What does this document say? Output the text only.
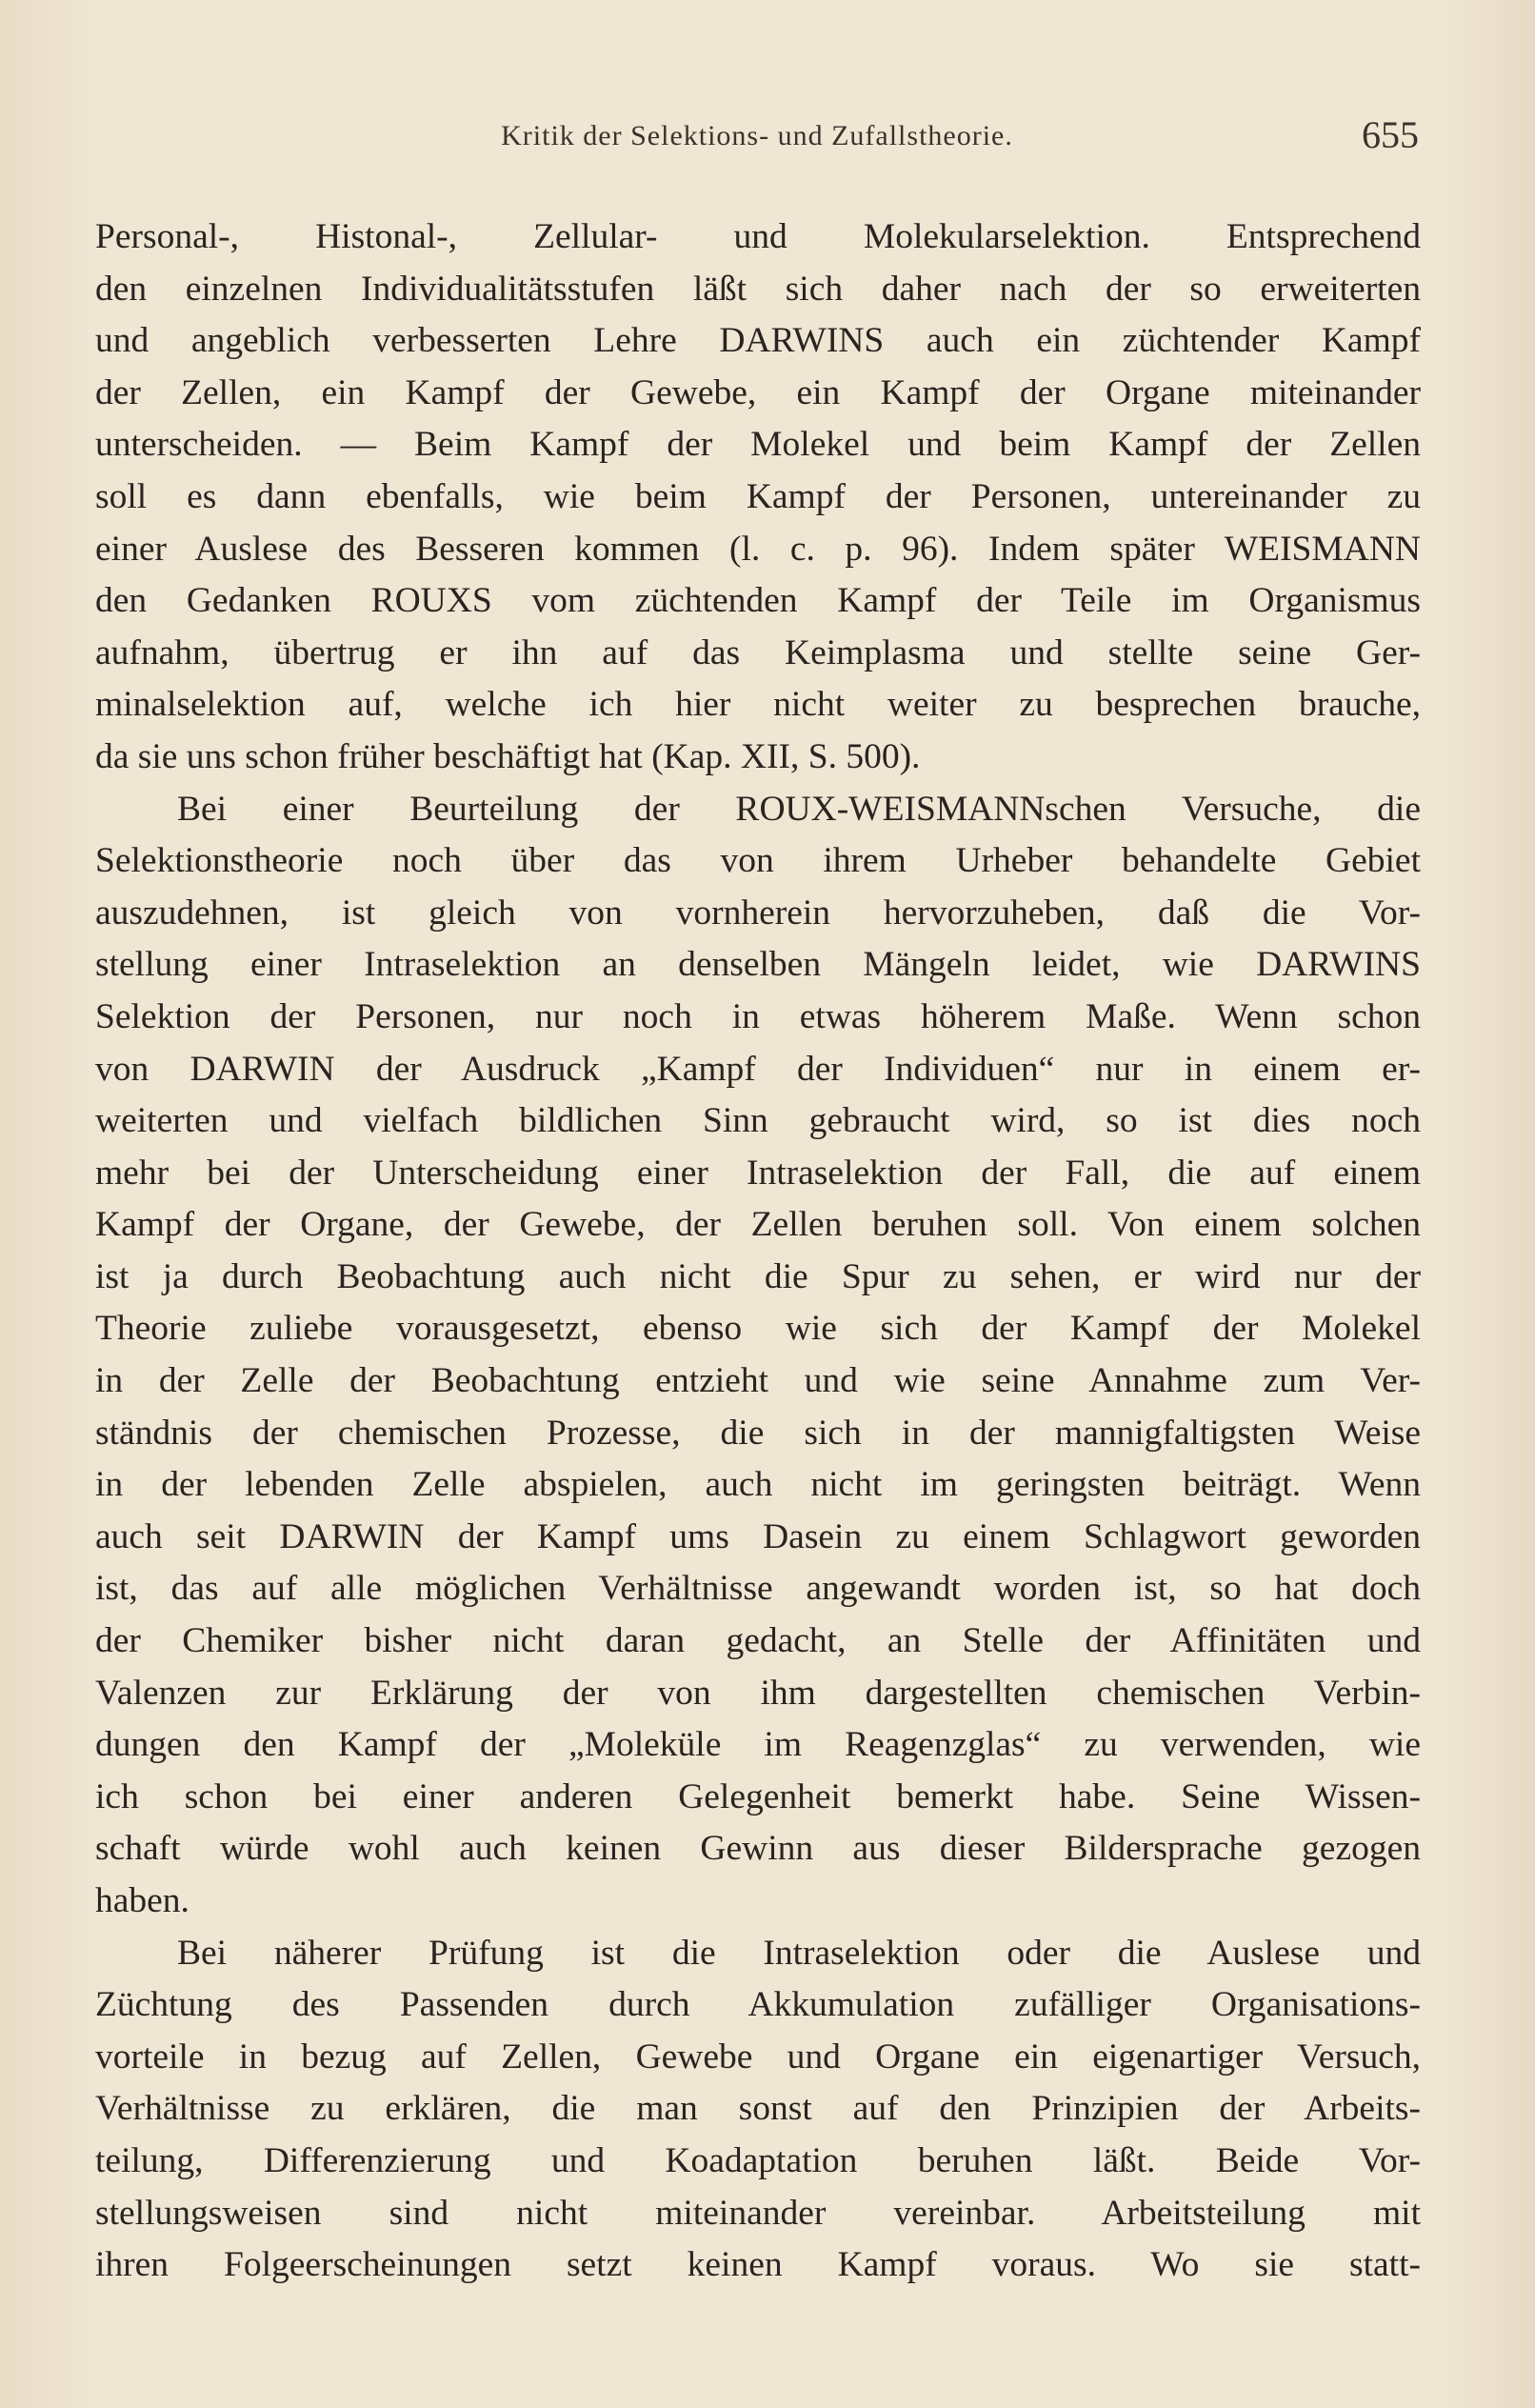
Kritik der Selektions- und Zufallstheorie.	655
Personal-, Histonal-, Zellular- und Molekularselektion. Entsprechend
den einzelnen Individualitätsstufen läßt sich daher nach der so erweiterten
und angeblich verbesserten Lehre DARWINS auch ein züchtender Kampf
der Zellen, ein Kampf der Gewebe, ein Kampf der Organe miteinander
unterscheiden. — Beim Kampf der Molekel und beim Kampf der Zellen
soll es dann ebenfalls, wie beim Kampf der Personen, untereinander zu
einer Auslese des Besseren kommen (l. c. p. 96). Indem später WEISMANN
den Gedanken ROUXS vom züchtenden Kampf der Teile im Organismus
aufnahm, übertrug er ihn auf das Keimplasma und stellte seine Ger-
minalselektion auf, welche ich hier nicht weiter zu besprechen brauche,
da sie uns schon früher beschäftigt hat (Kap. XII, S. 500).
Bei einer Beurteilung der ROUX-WEISMANNschen Versuche, die
Selektionstheorie noch über das von ihrem Urheber behandelte Gebiet
auszudehnen, ist gleich von vornherein hervorzuheben, daß die Vor-
stellung einer Intraselektion an denselben Mängeln leidet, wie DARWINS
Selektion der Personen, nur noch in etwas höherem Maße. Wenn schon
von DARWIN der Ausdruck „Kampf der Individuen“ nur in einem er-
weiterten und vielfach bildlichen Sinn gebraucht wird, so ist dies noch
mehr bei der Unterscheidung einer Intraselektion der Fall, die auf einem
Kampf der Organe, der Gewebe, der Zellen beruhen soll. Von einem solchen
ist ja durch Beobachtung auch nicht die Spur zu sehen, er wird nur der
Theorie zuliebe vorausgesetzt, ebenso wie sich der Kampf der Molekel
in der Zelle der Beobachtung entzieht und wie seine Annahme zum Ver-
ständnis der chemischen Prozesse, die sich in der mannigfaltigsten Weise
in der lebenden Zelle abspielen, auch nicht im geringsten beiträgt. Wenn
auch seit DARWIN der Kampf ums Dasein zu einem Schlagwort geworden
ist, das auf alle möglichen Verhältnisse angewandt worden ist, so hat doch
der Chemiker bisher nicht daran gedacht, an Stelle der Affinitäten und
Valenzen zur Erklärung der von ihm dargestellten chemischen Verbin-
dungen den Kampf der „Moleküle im Reagenzglas“ zu verwenden, wie
ich schon bei einer anderen Gelegenheit bemerkt habe. Seine Wissen-
schaft würde wohl auch keinen Gewinn aus dieser Bildersprache gezogen
haben.
Bei näherer Prüfung ist die Intraselektion oder die Auslese und
Züchtung des Passenden durch Akkumulation zufälliger Organisations-
vorteile in bezug auf Zellen, Gewebe und Organe ein eigenartiger Versuch,
Verhältnisse zu erklären, die man sonst auf den Prinzipien der Arbeits-
teilung, Differenzierung und Koadaptation beruhen läßt. Beide Vor-
stellungsweisen sind nicht miteinander vereinbar. Arbeitsteilung mit
ihren Folgeerscheinungen setzt keinen Kampf voraus. Wo sie statt-
